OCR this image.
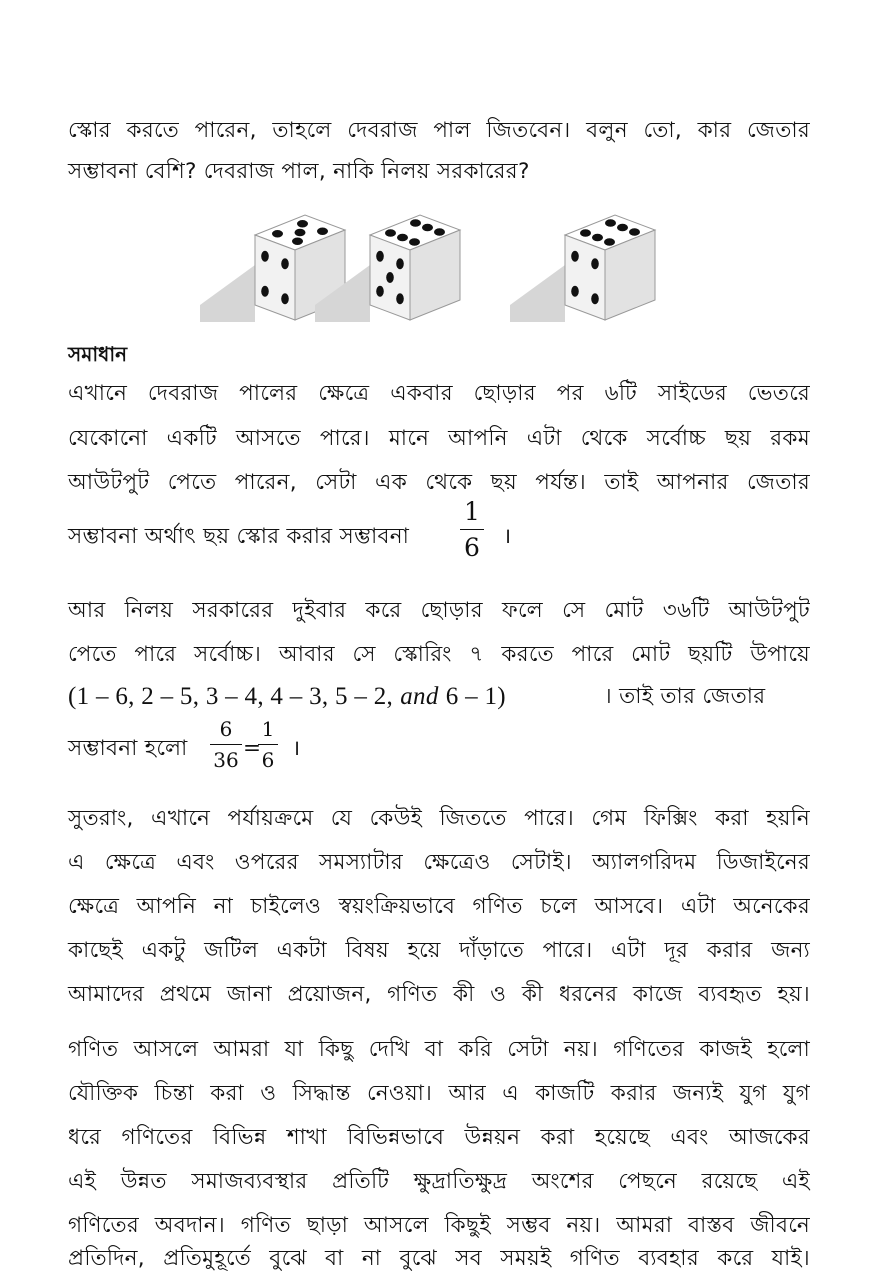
স্কোর করতে পারেন, তাহলে দেবরাজ পাল জিতবেন। বলুন তো, কার জেতার
সম্ভাবনা বেশি? দেবরাজ পাল, নাকি নিলয় সরকারের?
সমাধান
এখানে দেবরাজ পালের ক্ষেত্রে একবার ছোড়ার পর ৬টি সাইডের ভেতরে
যেকোনো একটি আসতে পারে। মানে আপনি এটা থেকে সর্বোচ্চ ছয় রকম
আউটপুট পেতে পারেন, সেটা এক থেকে ছয় পর্যন্ত। তাই আপনার জেতার
সম্ভাবনা অর্থাৎ ছয় স্কোর করার সম্ভাবনা
1
6 ।
আর নিলয় সরকারের দুইবার করে ছোড়ার ফলে সে মোট ৩৬টি আউটপুট
পেতে পারে সর্বোচ্চ। আবার সে স্কোরিং ৭ করতে পারে মোট ছয়টি উপায়ে
(1 – 6, 2 – 5, 3 – 4, 4 – 3, 5 – 2, and 6 – 1)	। তাই তার জেতার
সম্ভাবনা হলো
6
36 =
1
6 ।
সুতরাং, এখানে পর্যায়ক্রমে যে কেউই জিততে পারে। গেম ফিক্সিং করা হয়নি
এ ক্ষেত্রে এবং ওপরের সমস্যাটার ক্ষেত্রেও সেটাই। অ্যালগরিদম ডিজাইনের
ক্ষেত্রে আপনি না চাইলেও স্বয়ংক্রিয়ভাবে গণিত চলে আসবে। এটা অনেকের
কাছেই একটু জটিল একটা বিষয় হয়ে দাঁড়াতে পারে। এটা দূর করার জন্য
আমাদের প্রথমে জানা প্রয়োজন, গণিত কী ও কী ধরনের কাজে ব্যবহৃত হয়।
গণিত আসলে আমরা যা কিছু দেখি বা করি সেটা নয়। গণিতের কাজই হলো
যৌক্তিক চিন্তা করা ও সিদ্ধান্ত নেওয়া। আর এ কাজটি করার জন্যই যুগ যুগ
ধরে গণিতের বিভিন্ন শাখা বিভিন্নভাবে উন্নয়ন করা হয়েছে এবং আজকের
এই উন্নত সমাজব্যবস্থার প্রতিটি ক্ষুদ্রাতিক্ষুদ্র অংশের পেছনে রয়েছে এই
গণিতের অবদান। গণিত ছাড়া আসলে কিছুই সম্ভব নয়। আমরা বাস্তব জীবনে
প্রতিদিন, প্রতিমুহূর্তে বুঝে বা না বুঝে সব সময়ই গণিত ব্যবহার করে যাই।
